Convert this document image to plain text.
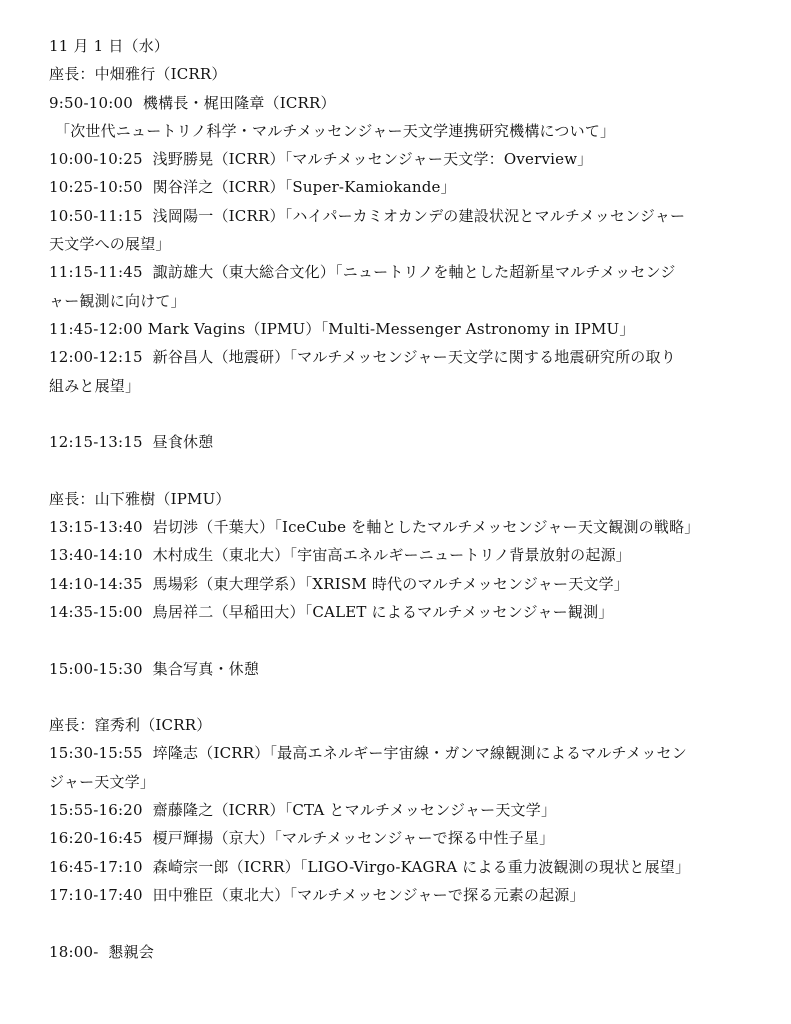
11 月 1 日（水）
座長：中畑雅行（ICRR）
9:50-10:00  機構長・梶田隆章（ICRR）
「次世代ニュートリノ科学・マルチメッセンジャー天文学連携研究機構について」
10:00-10:25  浅野勝晃（ICRR）「マルチメッセンジャー天文学：Overview」
10:25-10:50  関谷洋之（ICRR）「Super-Kamiokande」
10:50-11:15  浅岡陽一（ICRR）「ハイパーカミオカンデの建設状況とマルチメッセンジャー
天文学への展望」
11:15-11:45  諏訪雄大（東大総合文化）「ニュートリノを軸とした超新星マルチメッセンジ
ャー観測に向けて」
11:45-12:00 Mark Vagins（IPMU）「Multi-Messenger Astronomy in IPMU」
12:00-12:15  新谷昌人（地震研）「マルチメッセンジャー天文学に関する地震研究所の取り
組みと展望」
12:15-13:15  昼食休憩
座長：山下雅樹（IPMU）
13:15-13:40  岩切渉（千葉大）「IceCube を軸としたマルチメッセンジャー天文観測の戦略」
13:40-14:10  木村成生（東北大）「宇宙高エネルギーニュートリノ背景放射の起源」
14:10-14:35  馬場彩（東大理学系）「XRISM 時代のマルチメッセンジャー天文学」
14:35-15:00  鳥居祥二（早稲田大）「CALET によるマルチメッセンジャー観測」
15:00-15:30  集合写真・休憩
座長：窪秀利（ICRR）
15:30-15:55  埣隆志（ICRR）「最高エネルギー宇宙線・ガンマ線観測によるマルチメッセン
ジャー天文学」
15:55-16:20  齋藤隆之（ICRR）「CTA とマルチメッセンジャー天文学」
16:20-16:45  榎戸輝揚（京大）「マルチメッセンジャーで探る中性子星」
16:45-17:10  森崎宗一郎（ICRR）「LIGO-Virgo-KAGRA による重力波観測の現状と展望」
17:10-17:40  田中雅臣（東北大）「マルチメッセンジャーで探る元素の起源」
18:00-  懇親会
